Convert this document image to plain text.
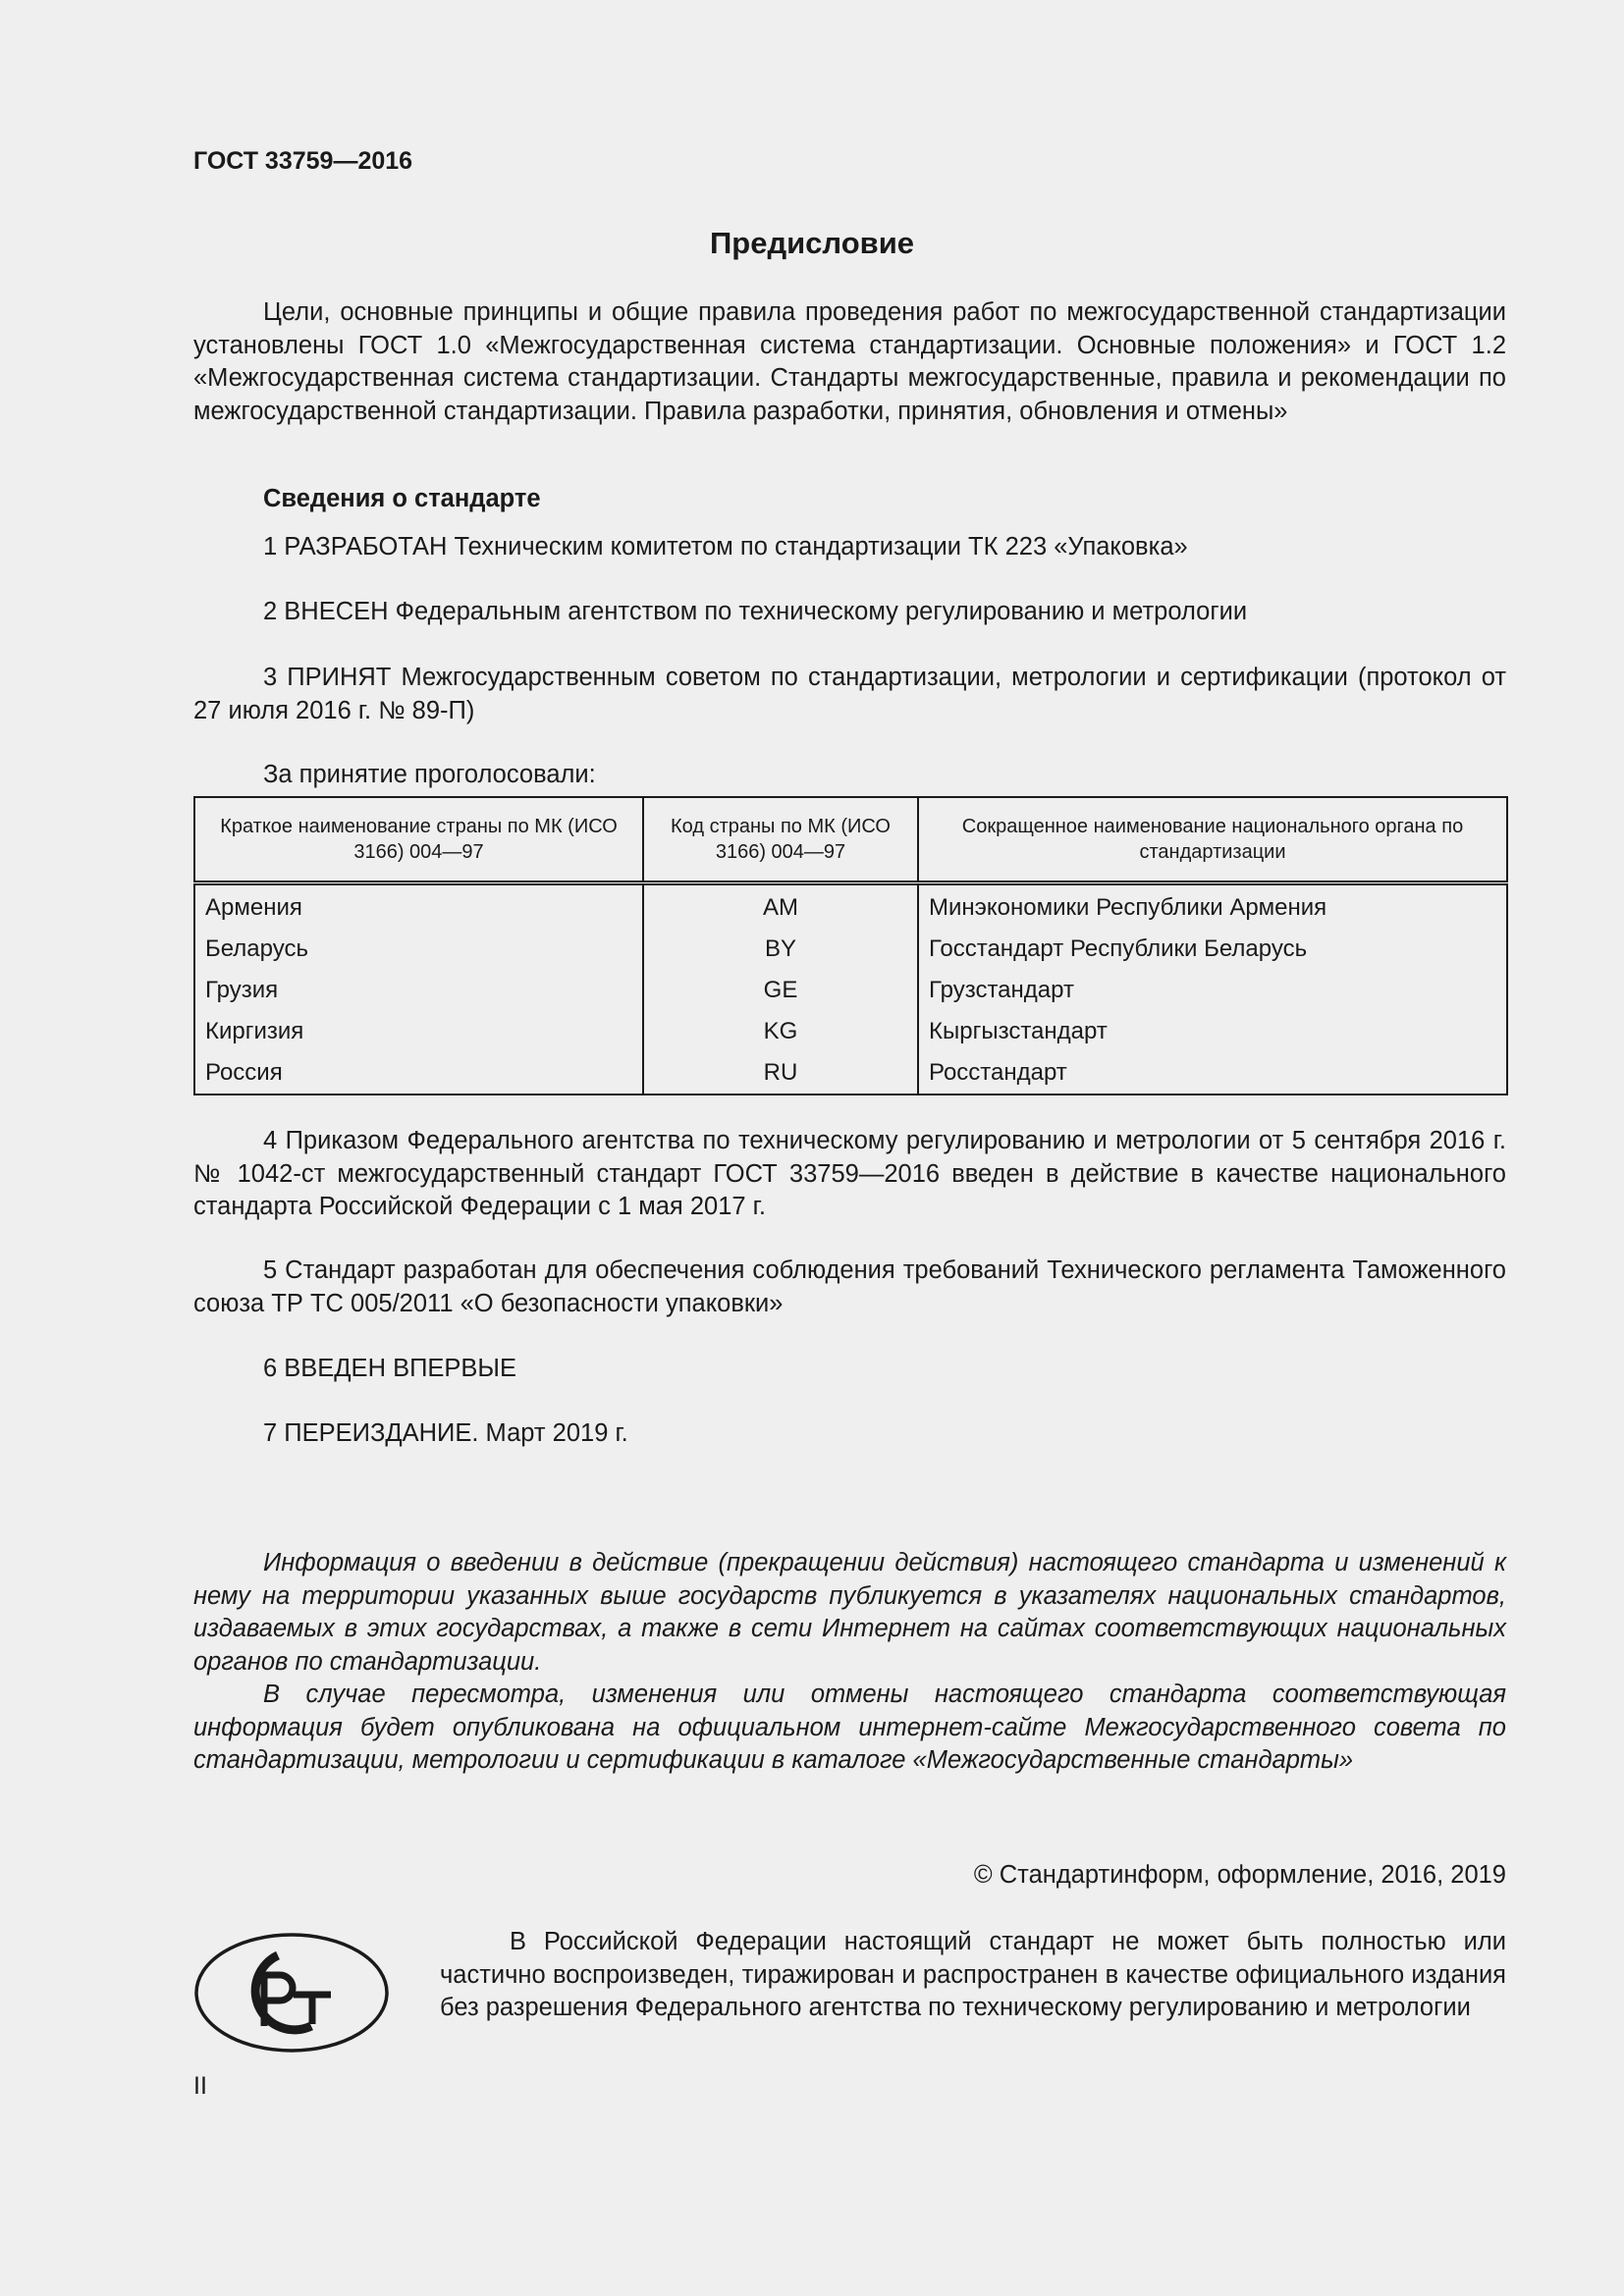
ГОСТ 33759—2016
Предисловие
Цели, основные принципы и общие правила проведения работ по межгосударственной стандартизации установлены ГОСТ 1.0 «Межгосударственная система стандартизации. Основные положения» и ГОСТ 1.2 «Межгосударственная система стандартизации. Стандарты межгосударственные, правила и рекомендации по межгосударственной стандартизации. Правила разработки, принятия, обновления и отмены»
Сведения о стандарте
1 РАЗРАБОТАН Техническим комитетом по стандартизации ТК 223 «Упаковка»
2 ВНЕСЕН Федеральным агентством по техническому регулированию и метрологии
3 ПРИНЯТ Межгосударственным советом по стандартизации, метрологии и сертификации (протокол от 27 июля 2016 г. № 89-П)
За принятие проголосовали:
Краткое наименование страны по МК (ИСО 3166) 004—97	Код страны по МК (ИСО 3166) 004—97	Сокращенное наименование национального органа по стандартизации
Армения	AM	Минэкономики Республики Армения
Беларусь	BY	Госстандарт Республики Беларусь
Грузия	GE	Грузстандарт
Киргизия	KG	Кыргызстандарт
Россия	RU	Росстандарт
4 Приказом Федерального агентства по техническому регулированию и метрологии от 5 сентября 2016 г. № 1042-ст межгосударственный стандарт ГОСТ 33759—2016 введен в действие в качестве национального стандарта Российской Федерации с 1 мая 2017 г.
5 Стандарт разработан для обеспечения соблюдения требований Технического регламента Таможенного союза ТР ТС 005/2011 «О безопасности упаковки»
6 ВВЕДЕН ВПЕРВЫЕ
7 ПЕРЕИЗДАНИЕ. Март 2019 г.
Информация о введении в действие (прекращении действия) настоящего стандарта и изменений к нему на территории указанных выше государств публикуется в указателях национальных стандартов, издаваемых в этих государствах, а также в сети Интернет на сайтах соответствующих национальных органов по стандартизации.
В случае пересмотра, изменения или отмены настоящего стандарта соответствующая информация будет опубликована на официальном интернет-сайте Межгосударственного совета по стандартизации, метрологии и сертификации в каталоге «Межгосударственные стандарты»
© Стандартинформ, оформление, 2016, 2019
В Российской Федерации настоящий стандарт не может быть полностью или частично воспроизведен, тиражирован и распространен в качестве официального издания без разрешения Федерального агентства по техническому регулированию и метрологии
II
